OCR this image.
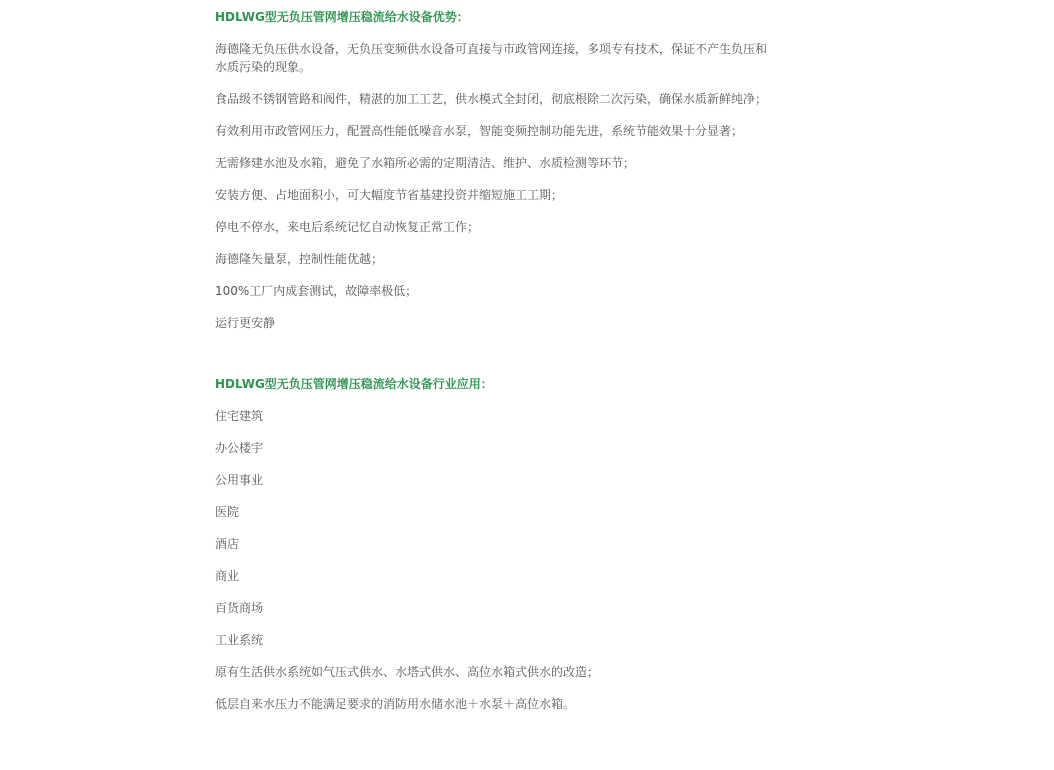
HDLWG型无负压管网增压稳流给水设备优势：

海德隆无负压供水设备，无负压变频供水设备可直接与市政管网连接，多项专有技术，保证不产生负压和水质污染的现象。

食品级不锈钢管路和阀件，精湛的加工工艺，供水模式全封闭，彻底根除二次污染，确保水质新鲜纯净；

有效利用市政管网压力，配置高性能低噪音水泵，智能变频控制功能先进，系统节能效果十分显著；

无需修建水池及水箱，避免了水箱所必需的定期清洁、维护、水质检测等环节；

安装方便、占地面积小，可大幅度节省基建投资并缩短施工工期；

停电不停水，来电后系统记忆自动恢复正常工作；

海德隆矢量泵，控制性能优越；

100%工厂内成套测试，故障率极低；

运行更安静

HDLWG型无负压管网增压稳流给水设备行业应用：

住宅建筑

办公楼宇

公用事业

医院

酒店

商业

百货商场

工业系统

原有生活供水系统如气压式供水、水塔式供水、高位水箱式供水的改造；

低层自来水压力不能满足要求的消防用水储水池＋水泵＋高位水箱。
